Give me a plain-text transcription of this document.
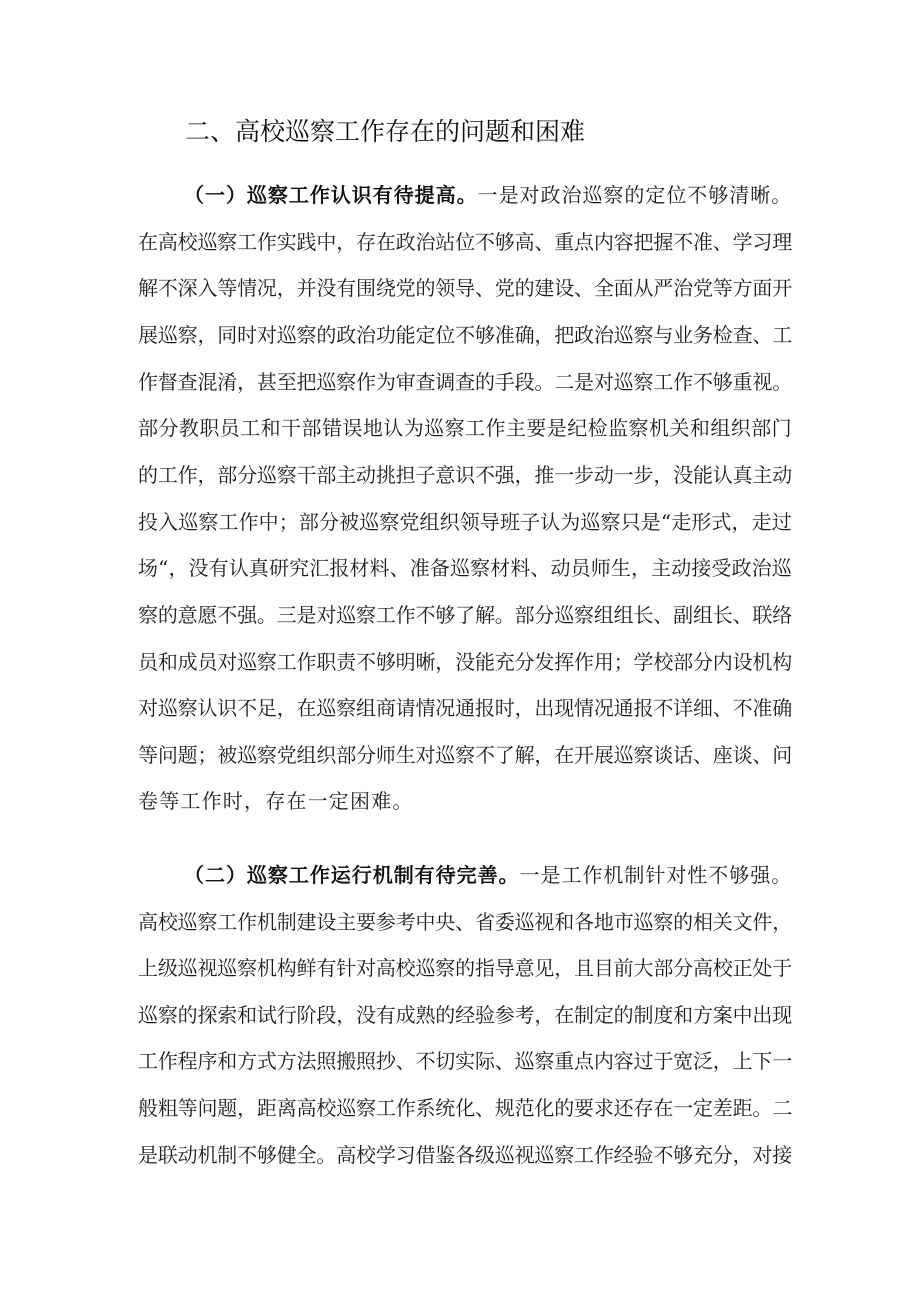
二、高校巡察工作存在的问题和困难
（一）巡察工作认识有待提高。一是对政治巡察的定位不够清晰。
在高校巡察工作实践中，存在政治站位不够高、重点内容把握不准、学习理
解不深入等情况，并没有围绕党的领导、党的建设、全面从严治党等方面开
展巡察，同时对巡察的政治功能定位不够准确，把政治巡察与业务检查、工
作督查混淆，甚至把巡察作为审查调查的手段。二是对巡察工作不够重视。
部分教职员工和干部错误地认为巡察工作主要是纪检监察机关和组织部门
的工作，部分巡察干部主动挑担子意识不强，推一步动一步，没能认真主动
投入巡察工作中；部分被巡察党组织领导班子认为巡察只是“走形式，走过
场“，没有认真研究汇报材料、准备巡察材料、动员师生，主动接受政治巡
察的意愿不强。三是对巡察工作不够了解。部分巡察组组长、副组长、联络
员和成员对巡察工作职责不够明晰，没能充分发挥作用；学校部分内设机构
对巡察认识不足，在巡察组商请情况通报时，出现情况通报不详细、不准确
等问题；被巡察党组织部分师生对巡察不了解，在开展巡察谈话、座谈、问
卷等工作时，存在一定困难。
（二）巡察工作运行机制有待完善。一是工作机制针对性不够强。
高校巡察工作机制建设主要参考中央、省委巡视和各地市巡察的相关文件，
上级巡视巡察机构鲜有针对高校巡察的指导意见，且目前大部分高校正处于
巡察的探索和试行阶段，没有成熟的经验参考，在制定的制度和方案中出现
工作程序和方式方法照搬照抄、不切实际、巡察重点内容过于宽泛，上下一
般粗等问题，距离高校巡察工作系统化、规范化的要求还存在一定差距。二
是联动机制不够健全。高校学习借鉴各级巡视巡察工作经验不够充分，对接
